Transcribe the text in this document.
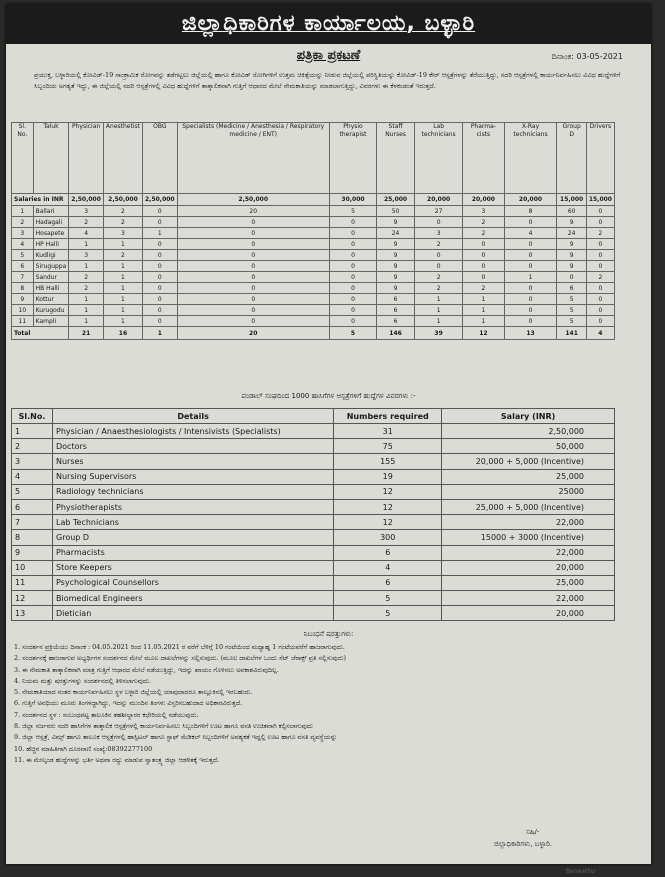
ಜಿಲ್ಲಾಧಿಕಾರಿಗಳ ಕಾರ್ಯಾಲಯ, ಬಳ್ಳಾರಿ
ಪತ್ರಿಕಾ ಪ್ರಕಟಣೆ	ದಿನಾಂಕ: 03-05-2021
ಪ್ರಯುಕ್ತ, ಬಳ್ಳಾರಿಯಲ್ಲಿ ಕೋವಿಡ್-19 ಸಾಂಕ್ರಾಮಿಕ ರೋಗವನ್ನು ತಡೆಗಟ್ಟಲು ಜಿಲ್ಲೆಯಲ್ಲಿ ಹಾಗೂ ಕೋವಿಡ್ ರೋಗಿಗಳಿಗೆ ಉತ್ತಮ ಚಿಕಿತ್ಸೆಯನ್ನು ನೀಡುವ ಜಿಲ್ಲೆಯಲ್ಲಿ ಪರಿಸ್ಥಿತಿಯನ್ನು ಕೋವಿಡ್-19 ಕೇರ್ ಆಸ್ಪತ್ರೆಗಳನ್ನು ತೆರೆಯುತ್ತಿದ್ದು, ಸದರಿ ಆಸ್ಪತ್ರೆಗಳಲ್ಲಿ ಕಾರ್ಯನಿರ್ವಹಿಸಲು ವಿವಿಧ ಹುದ್ದೆಗಳಿಗೆ ಸಿಬ್ಬಂದಿಯ ಅಗತ್ಯತೆ ಇದ್ದು, ಈ ಜಿಲ್ಲೆಯಲ್ಲಿ ಸದರಿ ಆಸ್ಪತ್ರೆಗಳಲ್ಲಿ ವಿವಿಧ ಹುದ್ದೆಗಳಿಗೆ ತಾತ್ಕಾಲಿಕವಾಗಿ ಗುತ್ತಿಗೆ ಆಧಾರದ ಮೇಲೆ ನೇಮಕಾತಿಯನ್ನು ಮಾಡಲಾಗುತ್ತಿದ್ದು, ವಿವರಗಳು ಈ ಕೆಳಕಂಡಂತೆ ಇರುತ್ತದೆ.
Sl. No.	Taluk	Physician	Anesthetist	OBG	Specialists (Medicine / Anesthesia / Respiratory medicine / ENT)	Physio therapist	Staff Nurses	Lab technicians	Pharma- cists	X-Ray technicians	Group D	Drivers
Salaries in INR		2,50,000	2,50,000	2,50,000	2,50,000	30,000	25,000	20,000	20,000	20,000	15,000	15,000
1	Ballari	3	2	0	20	5	50	27	3	8	60	0
2	Hadagali	2	2	0	0	0	9	0	2	0	9	0
3	Hosapete	4	3	1	0	0	24	3	2	4	24	2
4	HP Halli	1	1	0	0	0	9	2	0	0	9	0
5	Kudligi	3	2	0	0	0	9	0	0	0	9	0
6	Siruguppa	1	1	0	0	0	9	0	0	0	9	0
7	Sandur	2	1	0	0	0	9	2	0	1	0	2
8	HB Halli	2	1	0	0	0	9	2	2	0	6	0
9	Kottur	1	1	0	0	0	6	1	1	0	5	0
10	Kurugodu	1	1	0	0	0	6	1	1	0	5	0
11	Kampli	1	1	0	0	0	6	1	1	0	5	0
Total		21	16	1	20	5	146	39	12	13	141	4
ಪಂಡಾಲ್ ಸಂಘದಿಂದ 1000 ಹಾಸಿಗೆಗಳ ಆಸ್ಪತ್ರೆಗಳಿಗೆ ಹುದ್ದೆಗಳ ವಿವರಗಳು :-
Sl.No.	Details	Numbers required	Salary (INR)
1	Physician / Anaesthesiologists / Intensivists (Specialists)	31	2,50,000
2	Doctors	75	50,000
3	Nurses	155	20,000 + 5,000 (Incentive)
4	Nursing Supervisors	19	25,000
5	Radiology technicians	12	25000
6	Physiotherapists	12	25,000 + 5,000 (Incentive)
7	Lab Technicians	12	22,000
8	Group D	300	15000 + 3000 (Incentive)
9	Pharmacists	6	22,000
10	Store Keepers	4	20,000
11	Psychological Counsellors	6	25,000
12	Biomedical Engineers	5	22,000
13	Dietician	5	20,000
ನಿಬಂಧನೆ ಷರತ್ತುಗಳು:
1. ಸಂದರ್ಶನ ಪ್ರಕ್ರಿಯೆಯು ದಿನಾಂಕ : 04.05.2021 ರಿಂದ 11.05.2021 ರ ವರೆಗೆ ಬೆಳಿಗ್ಗೆ 10 ಗಂಟೆಯಿಂದ ಮಧ್ಯಾಹ್ನ 1 ಗಂಟೆಯವರೆಗೆ ಹಾಜರಾಗುವುದು.
2. ಸಂದರ್ಶನಕ್ಕೆ ಹಾಜರಾಗುವ ಅಭ್ಯರ್ಥಿಗಳ ಸಂದರ್ಶನದ ಮೇಲೆ ಮೂಲ ದಾಖಲೆಗಳನ್ನು ಸಲ್ಲಿಸುವುದು. (ಮೂಲ ದಾಖಲೆಗಳ ಒಂದು ಸೆಟ್ ಜೆರಾಕ್ಸ್ ಪ್ರತಿ ಸಲ್ಲಿಸುವುದು)
3. ಈ ನೇಮಕಾತಿ ತಾತ್ಕಾಲಿಕವಾಗಿ ಮಾತ್ರ ಗುತ್ತಿಗೆ ಆಧಾರದ ಮೇಲೆ ನಡೆಯುತ್ತಿದ್ದು, ಇದನ್ನು ಖಾಯಂ ಗೊಳಿಸಲು ಅವಕಾಶವಿರುವುದಿಲ್ಲ.
4. ನಿಯಮ ಮತ್ತು ಷರತ್ತುಗಳನ್ನು ಸಂದರ್ಶನದಲ್ಲಿ ತಿಳಿಸಲಾಗುವುದು.
5. ನೇಮಕಾತಿಯಾದ ನಂತರ ಕಾರ್ಯನಿರ್ವಹಿಸಲು ಸ್ಥಳ ಬಳ್ಳಾರಿ ಜಿಲ್ಲೆಯಲ್ಲಿ ಯಾವುದಾದರೂ ತಾಲ್ಲೂಕಿನಲ್ಲಿ ಇರಬಹುದು.
6. ಗುತ್ತಿಗೆ ಅವಧಿಯು ಮೂರು ತಿಂಗಳದ್ದಾಗಿದ್ದು, ಇದನ್ನು ಮುಂದಿನ ತಿಂಗಳು ವಿಸ್ತರಿಸಬಹುದಾದ ಅಧಿಕಾರವಿರುತ್ತದೆ.
7. ಸಂದರ್ಶನದ ಸ್ಥಳ : ಸಂಬಂಧಪಟ್ಟ ತಾಲೂಕಿನ ತಹಶೀಲ್ದಾರರ ಕಛೇರಿಯಲ್ಲಿ ನಡೆಯುವುದು.
8. ಜಿಲ್ಲಾ ಸರ್ಜನರು ಸದರಿ ಹಾಸಿಗೆಗಳ ತಾತ್ಕಾಲಿಕ ಆಸ್ಪತ್ರೆಗಳಲ್ಲಿ ಕಾರ್ಯನಿರ್ವಹಿಸಲು ಸಿಬ್ಬಂದಿಗಳಿಗೆ ಊಟ ಹಾಗೂ ವಸತಿ ಉಚಿತವಾಗಿ ಕಲ್ಪಿಸಲಾಗುವುದು
9. ಜಿಲ್ಲಾ ಆಸ್ಪತ್ರೆ, ವಿಮ್ಸ್ ಹಾಗೂ ತಾಲೂಕ ಆಸ್ಪತ್ರೆಗಳಲ್ಲಿ ಹಾಸ್ಪಿಟಲ್ ಹಾಗೂ ಸ್ಟಾಫ್ ಮೆಡಿಕಲ್ ಸಿಬ್ಬಂದಿಗಳಿಗೆ ಅವಶ್ಯಕತೆ ಇದ್ದಲ್ಲಿ ಊಟ ಹಾಗೂ ವಸತಿ ವ್ಯವಸ್ಥೆಯನ್ನು
10. ಹೆಚ್ಚಿನ ಮಾಹಿತಿಗಾಗಿ ದೂರವಾಣಿ ಸಂಖ್ಯೆ:08392277100
11. ಈ ಮೇಲ್ಕಂಡ ಹುದ್ದೆಗಳನ್ನು ಭರ್ತಿ ಅಥವಾ ರದ್ದು ಮಾಡುವ ಸ್ವಾತಂತ್ರ್ಯ ಜಿಲ್ಲಾ ಆಡಳಿತಕ್ಕೆ ಇರುತ್ತದೆ.
ಸಹಿ/-
ಜಿಲ್ಲಾಧಿಕಾರಿಗಳು, ಬಳ್ಳಾರಿ.
Beneathu
